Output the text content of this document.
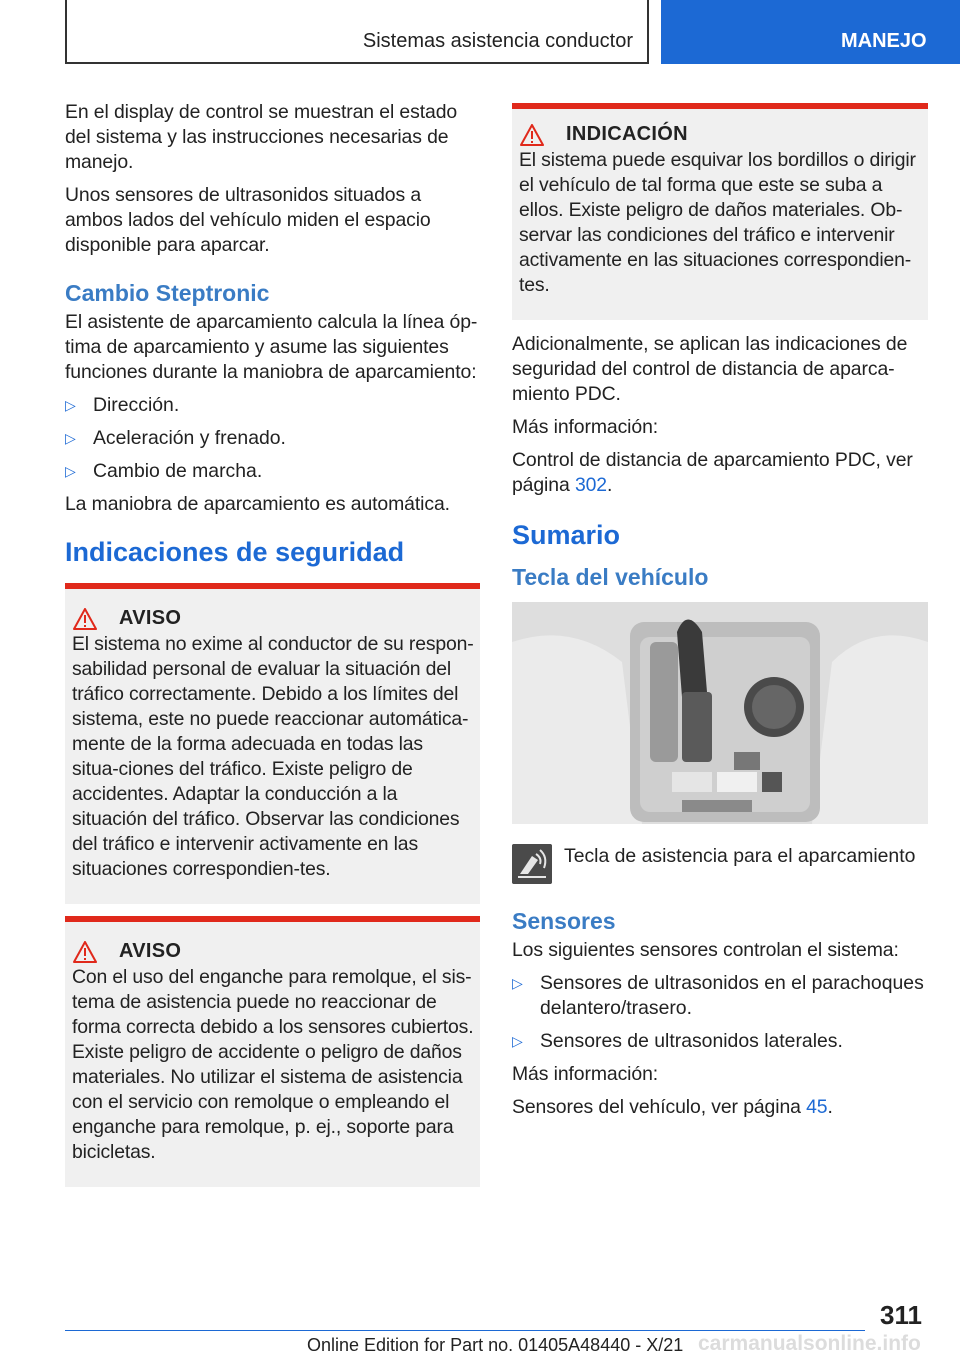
Sistemas asistencia conductor	MANEJO

En el display de control se muestran el estado del sistema y las instrucciones necesarias de manejo.

Unos sensores de ultrasonidos situados a ambos lados del vehículo miden el espacio disponible para aparcar.

Cambio Steptronic

El asistente de aparcamiento calcula la línea óp-tima de aparcamiento y asume las siguientes funciones durante la maniobra de aparcamiento:

▷ Dirección.
▷ Aceleración y frenado.
▷ Cambio de marcha.

La maniobra de aparcamiento es automática.

Indicaciones de seguridad
AVISO

El sistema no exime al conductor de su respon-sabilidad personal de evaluar la situación del tráfico correctamente. Debido a los límites del sistema, este no puede reaccionar automática-mente de la forma adecuada en todas las situa-ciones del tráfico. Existe peligro de accidentes. Adaptar la conducción a la situación del tráfico. Observar las condiciones del tráfico e intervenir activamente en las situaciones correspondien-tes.

AVISO

Con el uso del enganche para remolque, el sis-tema de asistencia puede no reaccionar de forma correcta debido a los sensores cubiertos. Existe peligro de accidente o peligro de daños materiales. No utilizar el sistema de asistencia con el servicio con remolque o empleando el enganche para remolque, p. ej., soporte para bicicletas.

INDICACIÓN

El sistema puede esquivar los bordillos o dirigir el vehículo de tal forma que este se suba a ellos. Existe peligro de daños materiales. Ob-servar las condiciones del tráfico e intervenir activamente en las situaciones correspondien-tes.

Adicionalmente, se aplican las indicaciones de seguridad del control de distancia de aparca-miento PDC.

Más información:

Control de distancia de aparcamiento PDC, ver página 302.

Sumario
Tecla del vehículo
Tecla de asistencia para el aparcamiento
Sensores

Los siguientes sensores controlan el sistema:

▷ Sensores de ultrasonidos en el parachoques delantero/trasero.
▷ Sensores de ultrasonidos laterales.

Más información:

Sensores del vehículo, ver página 45.

311
Online Edition for Part no. 01405A48440 - X/21 carmanualsonline.info
